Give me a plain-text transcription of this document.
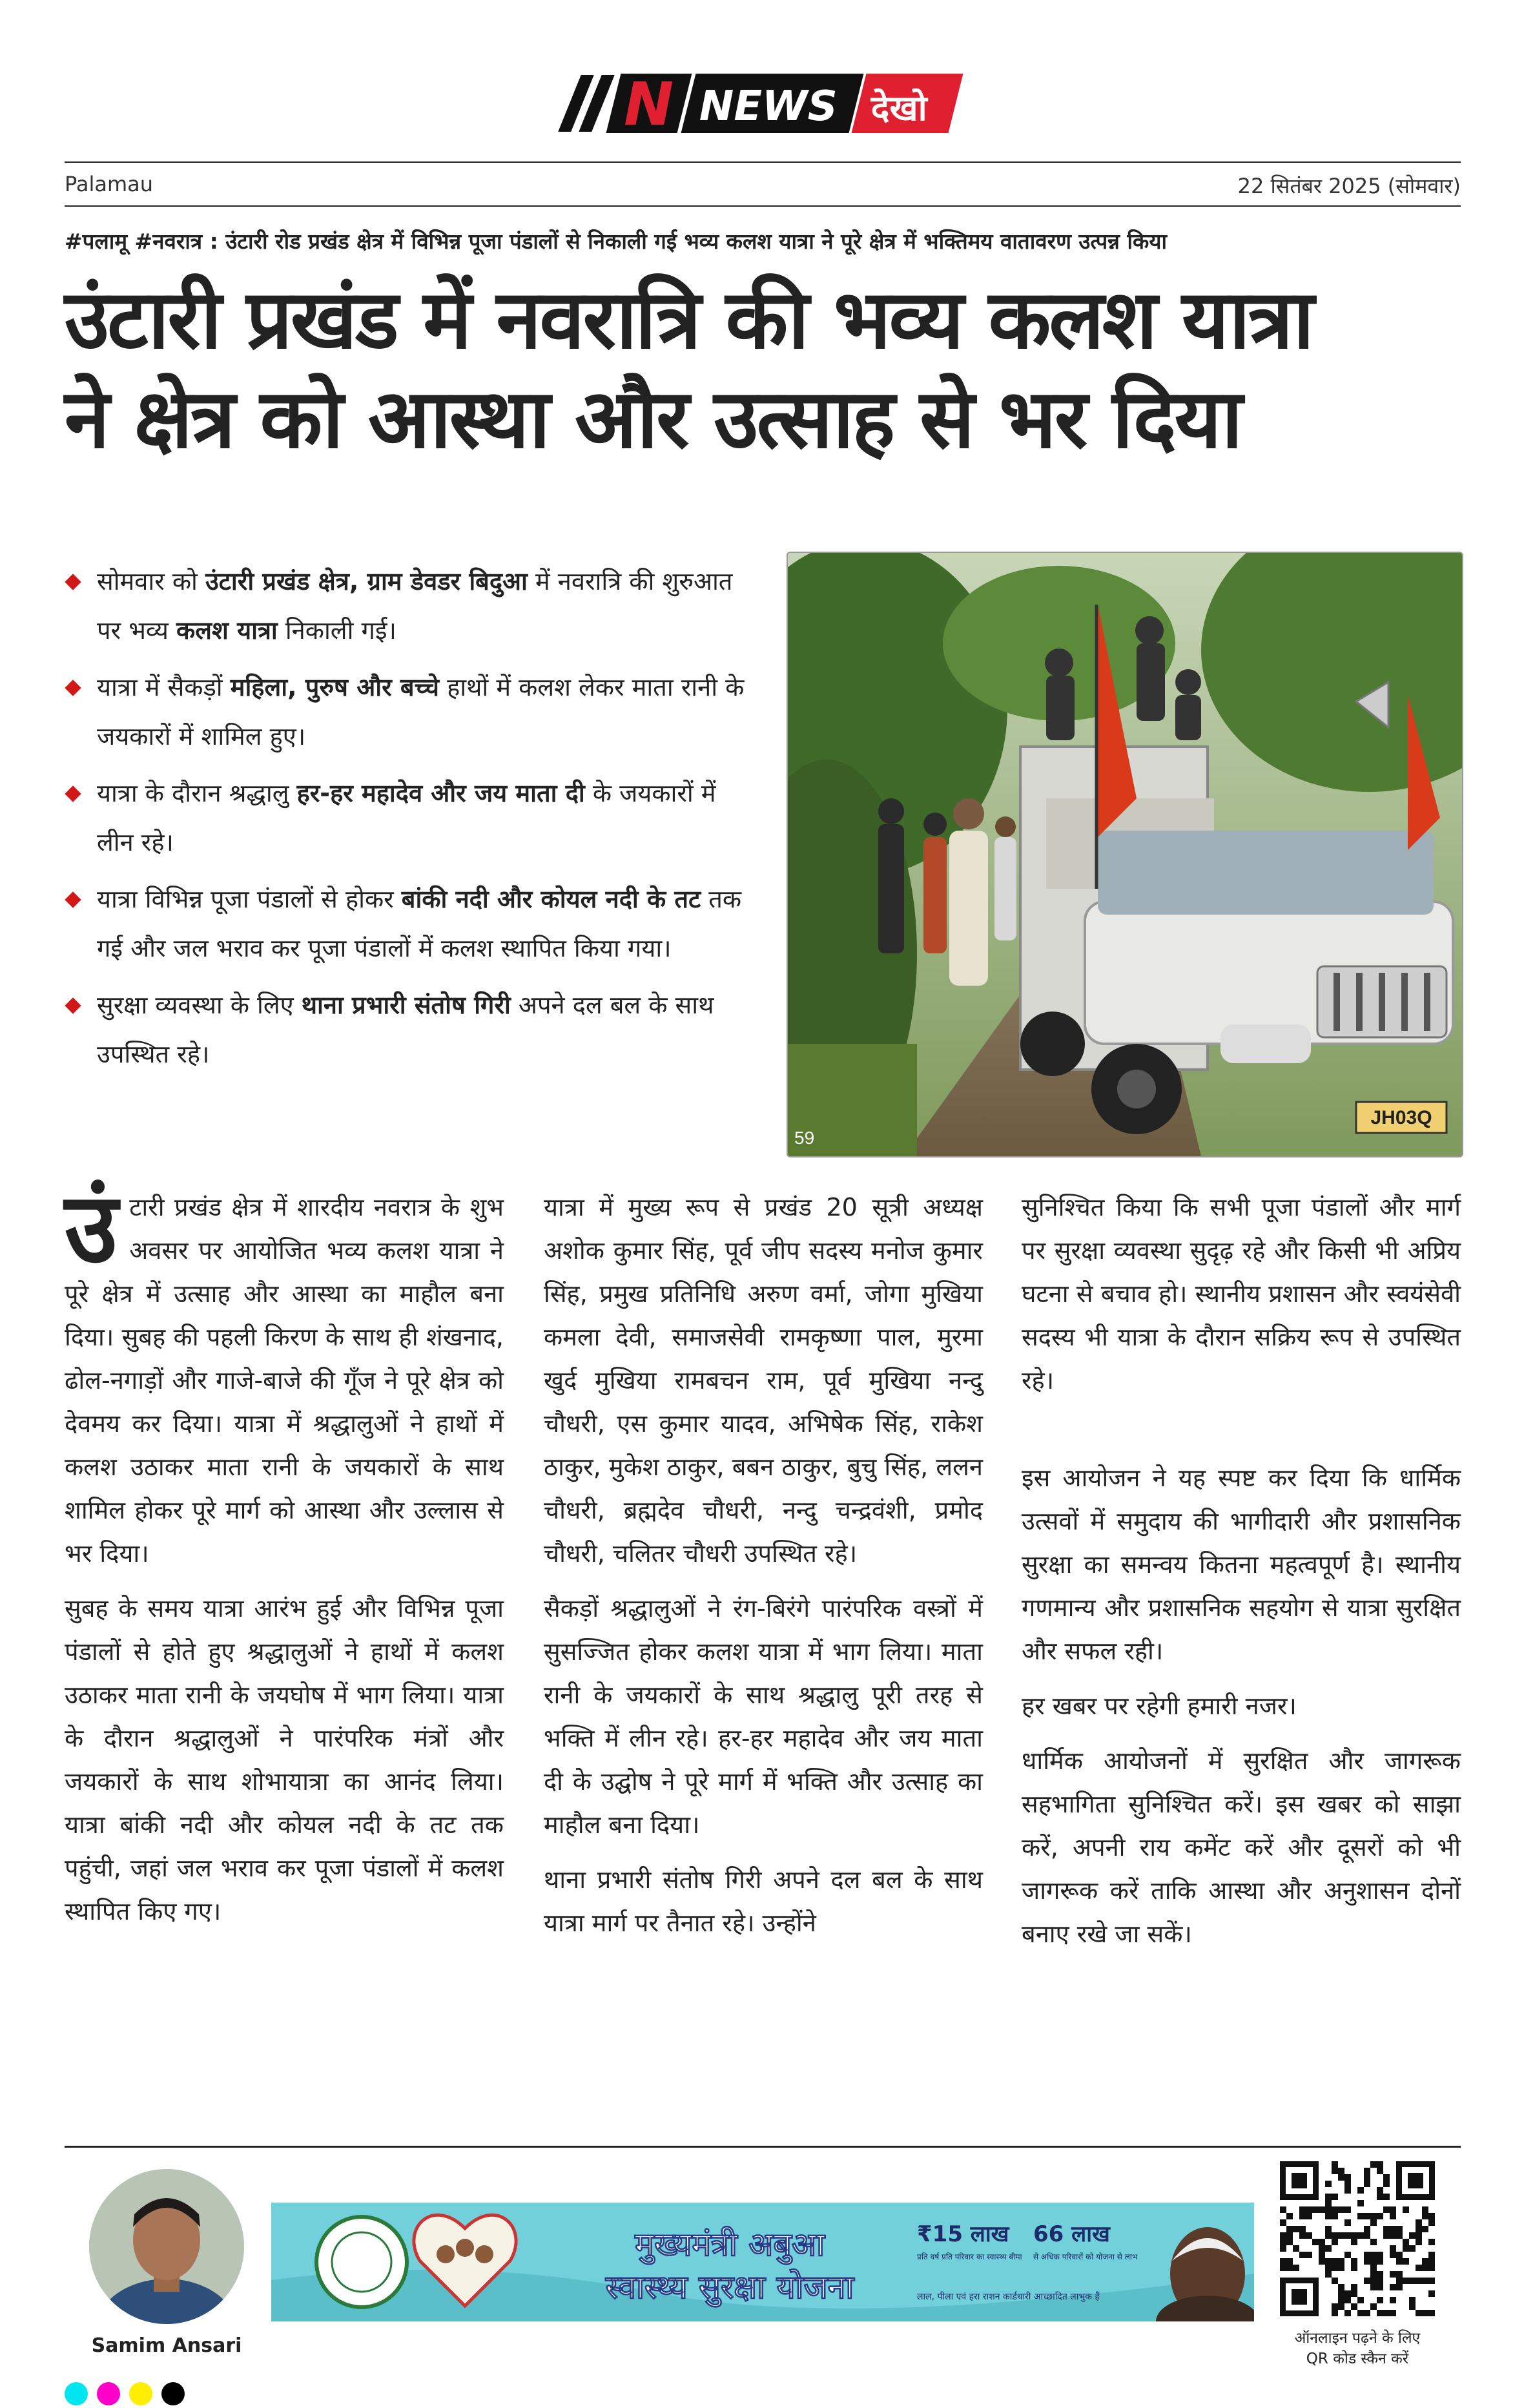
N NEWS देखो
Palamau	22 सितंबर 2025 (सोमवार)
#पलामू #नवरात्र : उंटारी रोड प्रखंड क्षेत्र में विभिन्न पूजा पंडालों से निकाली गई भव्य कलश यात्रा ने पूरे क्षेत्र में भक्तिमय वातावरण उत्पन्न किया
उंटारी प्रखंड में नवरात्रि की भव्य कलश यात्रा
ने क्षेत्र को आस्था और उत्साह से भर दिया
सोमवार को उंटारी प्रखंड क्षेत्र, ग्राम डेवडर बिदुआ में नवरात्रि की शुरुआत पर भव्य कलश यात्रा निकाली गई।
यात्रा में सैकड़ों महिला, पुरुष और बच्चे हाथों में कलश लेकर माता रानी के जयकारों में शामिल हुए।
यात्रा के दौरान श्रद्धालु हर-हर महादेव और जय माता दी के जयकारों में लीन रहे।
यात्रा विभिन्न पूजा पंडालों से होकर बांकी नदी और कोयल नदी के तट तक गई और जल भराव कर पूजा पंडालों में कलश स्थापित किया गया।
सुरक्षा व्यवस्था के लिए थाना प्रभारी संतोष गिरी अपने दल बल के साथ उपस्थित रहे।
JH03Q
59

उंटारी प्रखंड क्षेत्र में शारदीय नवरात्र के शुभ अवसर पर आयोजित भव्य कलश यात्रा ने पूरे क्षेत्र में उत्साह और आस्था का माहौल बना दिया। सुबह की पहली किरण के साथ ही शंखनाद, ढोल-नगाड़ों और गाजे-बाजे की गूँज ने पूरे क्षेत्र को देवमय कर दिया। यात्रा में श्रद्धालुओं ने हाथों में कलश उठाकर माता रानी के जयकारों के साथ शामिल होकर पूरे मार्ग को आस्था और उल्लास से भर दिया।

सुबह के समय यात्रा आरंभ हुई और विभिन्न पूजा पंडालों से होते हुए श्रद्धालुओं ने हाथों में कलश उठाकर माता रानी के जयघोष में भाग लिया। यात्रा के दौरान श्रद्धालुओं ने पारंपरिक मंत्रों और जयकारों के साथ शोभायात्रा का आनंद लिया। यात्रा बांकी नदी और कोयल नदी के तट तक पहुंची, जहां जल भराव कर पूजा पंडालों में कलश स्थापित किए गए।

यात्रा में मुख्य रूप से प्रखंड 20 सूत्री अध्यक्ष अशोक कुमार सिंह, पूर्व जीप सदस्य मनोज कुमार सिंह, प्रमुख प्रतिनिधि अरुण वर्मा, जोगा मुखिया कमला देवी, समाजसेवी रामकृष्णा पाल, मुरमा खुर्द मुखिया रामबचन राम, पूर्व मुखिया नन्दु चौधरी, एस कुमार यादव, अभिषेक सिंह, राकेश ठाकुर, मुकेश ठाकुर, बबन ठाकुर, बुचु सिंह, ललन चौधरी, ब्रह्मदेव चौधरी, नन्दु चन्द्रवंशी, प्रमोद चौधरी, चलितर चौधरी उपस्थित रहे।

सैकड़ों श्रद्धालुओं ने रंग-बिरंगे पारंपरिक वस्त्रों में सुसज्जित होकर कलश यात्रा में भाग लिया। माता रानी के जयकारों के साथ श्रद्धालु पूरी तरह से भक्ति में लीन रहे। हर-हर महादेव और जय माता दी के उद्घोष ने पूरे मार्ग में भक्ति और उत्साह का माहौल बना दिया।

थाना प्रभारी संतोष गिरी अपने दल बल के साथ यात्रा मार्ग पर तैनात रहे। उन्होंने

सुनिश्चित किया कि सभी पूजा पंडालों और मार्ग पर सुरक्षा व्यवस्था सुदृढ़ रहे और किसी भी अप्रिय घटना से बचाव हो। स्थानीय प्रशासन और स्वयंसेवी सदस्य भी यात्रा के दौरान सक्रिय रूप से उपस्थित रहे।

इस आयोजन ने यह स्पष्ट कर दिया कि धार्मिक उत्सवों में समुदाय की भागीदारी और प्रशासनिक सुरक्षा का समन्वय कितना महत्वपूर्ण है। स्थानीय गणमान्य और प्रशासनिक सहयोग से यात्रा सुरक्षित और सफल रही।

हर खबर पर रहेगी हमारी नजर।

धार्मिक आयोजनों में सुरक्षित और जागरूक सहभागिता सुनिश्चित करें। इस खबर को साझा करें, अपनी राय कमेंट करें और दूसरों को भी जागरूक करें ताकि आस्था और अनुशासन दोनों बनाए रखे जा सकें।

Samim Ansari
मुख्यमंत्री अबुआ
स्वास्थ्य सुरक्षा योजना
₹15 लाख
प्रति वर्ष प्रति परिवार का स्वास्थ्य बीमा
66 लाख
से अधिक परिवारों को योजना से लाभ
लाल, पीला एवं हरा राशन कार्डधारी आच्छादित लाभुक हैं
ऑनलाइन पढ़ने के लिए
QR कोड स्कैन करें
